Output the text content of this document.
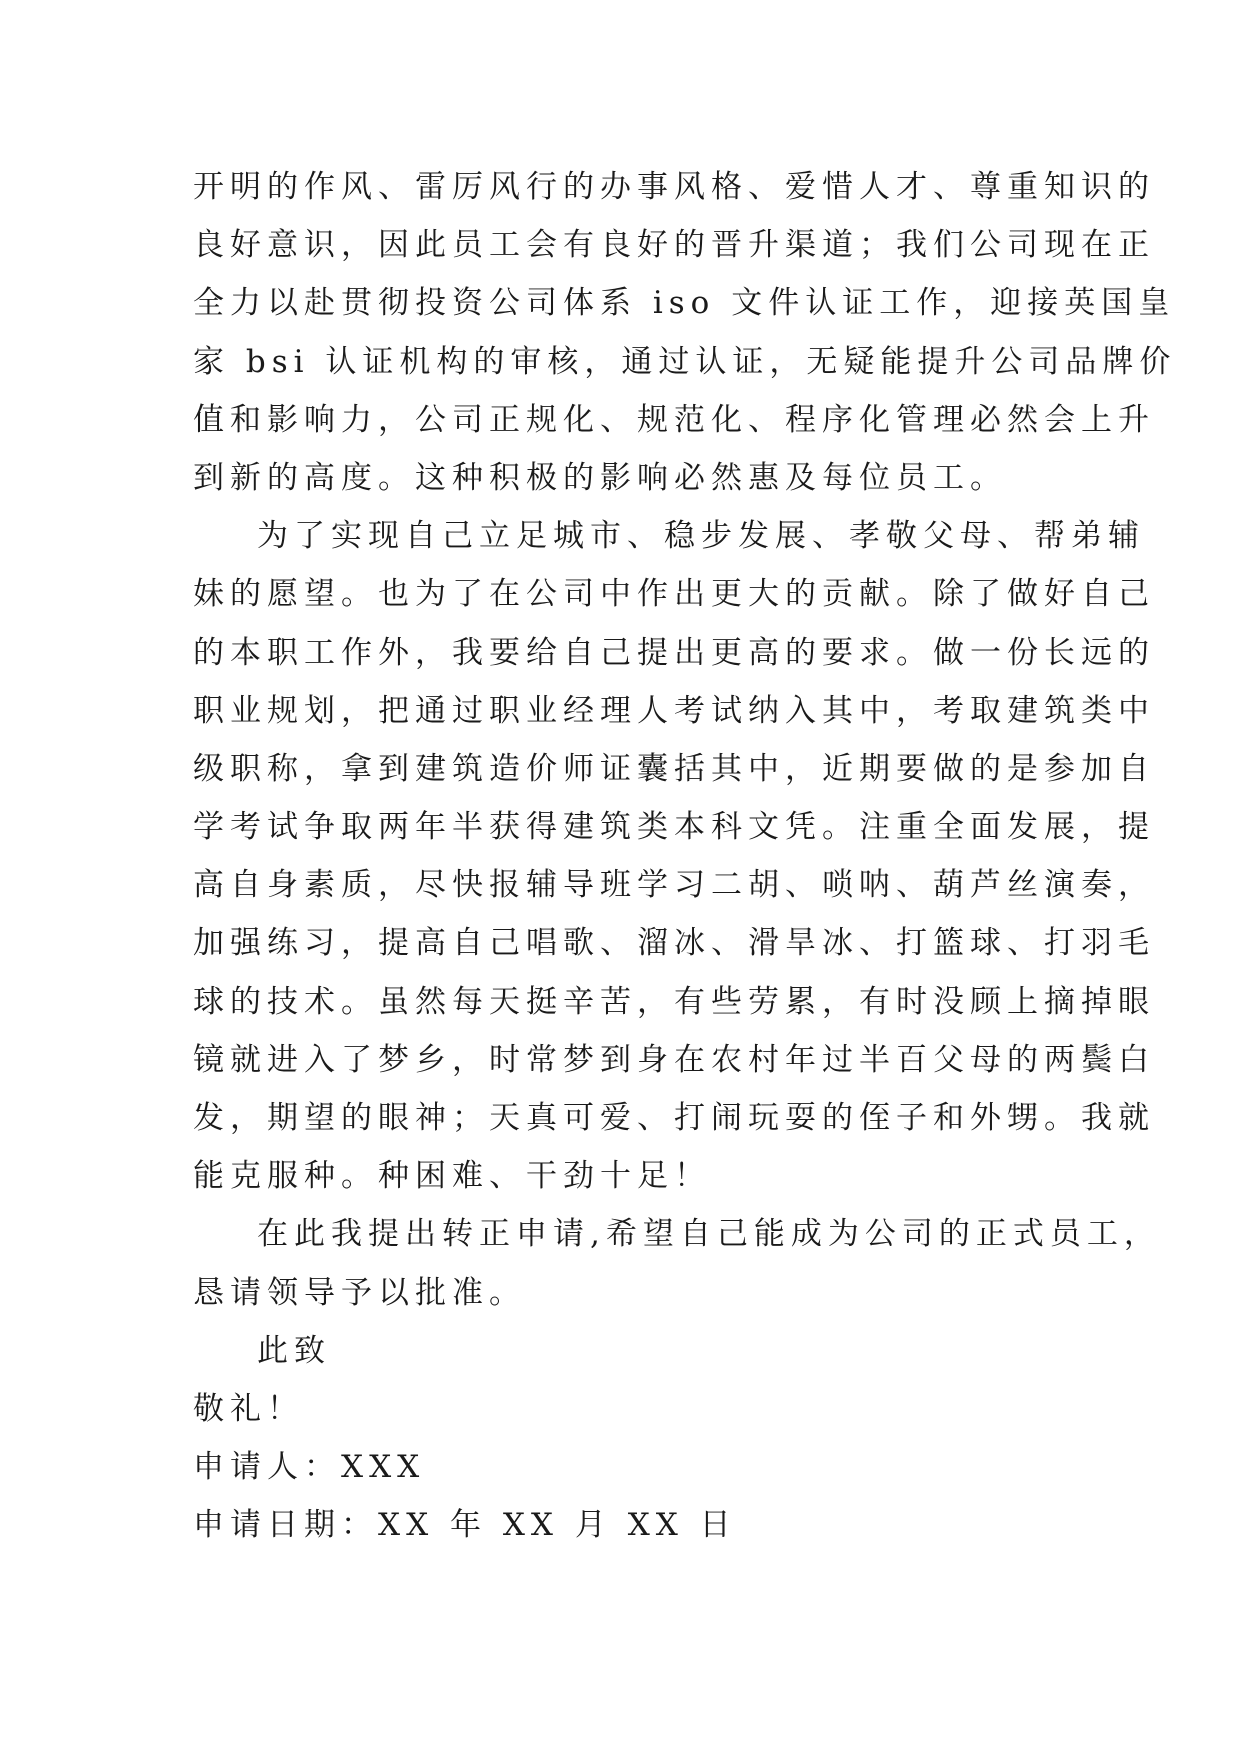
开明的作风、雷厉风行的办事风格、爱惜人才、尊重知识的
良好意识，因此员工会有良好的晋升渠道；我们公司现在正
全力以赴贯彻投资公司体系 iso 文件认证工作，迎接英国皇
家 bsi 认证机构的审核，通过认证，无疑能提升公司品牌价
值和影响力，公司正规化、规范化、程序化管理必然会上升
到新的高度。这种积极的影响必然惠及每位员工。
为了实现自己立足城市、稳步发展、孝敬父母、帮弟辅
妹的愿望。也为了在公司中作出更大的贡献。除了做好自己
的本职工作外，我要给自己提出更高的要求。做一份长远的
职业规划，把通过职业经理人考试纳入其中，考取建筑类中
级职称，拿到建筑造价师证囊括其中，近期要做的是参加自
学考试争取两年半获得建筑类本科文凭。注重全面发展，提
高自身素质，尽快报辅导班学习二胡、唢呐、葫芦丝演奏，
加强练习，提高自己唱歌、溜冰、滑旱冰、打篮球、打羽毛
球的技术。虽然每天挺辛苦，有些劳累，有时没顾上摘掉眼
镜就进入了梦乡，时常梦到身在农村年过半百父母的两鬓白
发，期望的眼神；天真可爱、打闹玩耍的侄子和外甥。我就
能克服种。种困难、干劲十足！
在此我提出转正申请,希望自己能成为公司的正式员工，
恳请领导予以批准。
此致
敬礼！
申请人：XXX
申请日期：XX 年 XX 月 XX 日
